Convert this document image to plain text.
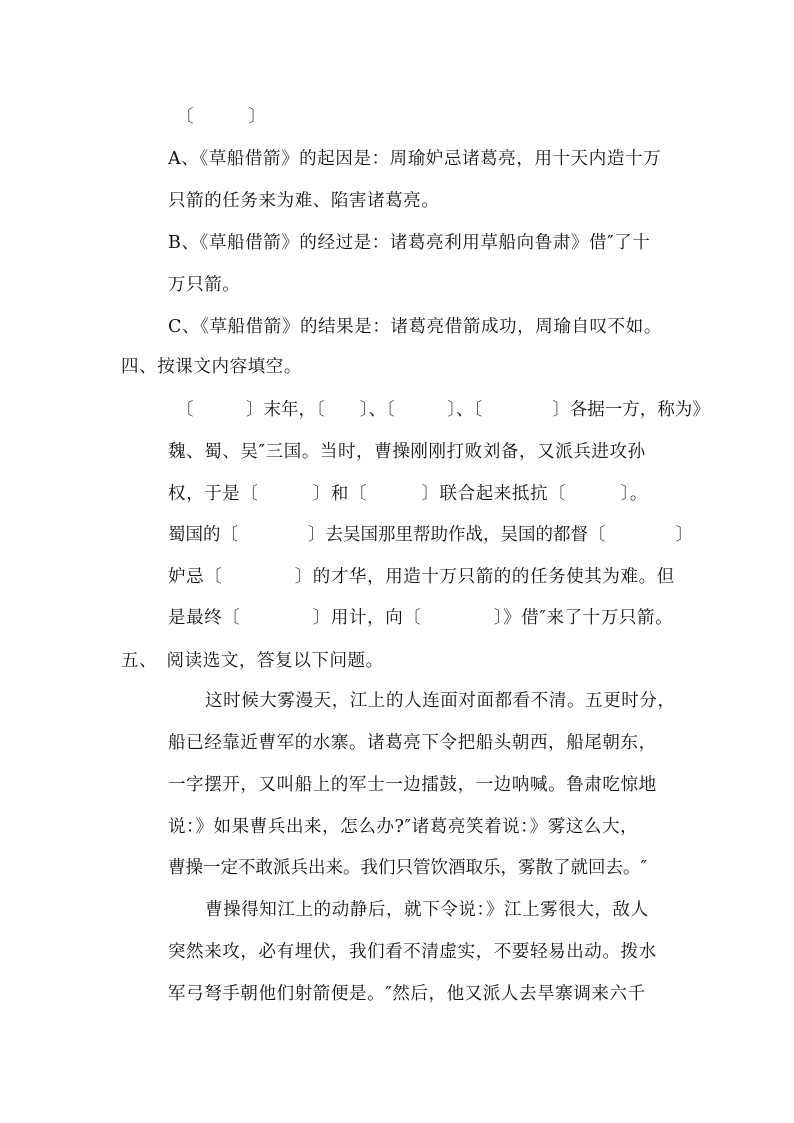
〔　　　〕
A、《草船借箭》的起因是：周瑜妒忌诸葛亮，用十天内造十万
只箭的任务来为难、陷害诸葛亮。
B、《草船借箭》的经过是：诸葛亮利用草船向鲁肃》借″了十
万只箭。
C、《草船借箭》的结果是：诸葛亮借箭成功，周瑜自叹不如。
四、按课文内容填空。
〔　　　〕末年，〔　　〕、〔　　　〕、〔　　　　〕各据一方，称为》
魏、蜀、吴″三国。当时，曹操刚刚打败刘备，又派兵进攻孙
权，于是〔　　　〕和〔　　　〕联合起来抵抗〔　　　〕。
蜀国的〔　　　　〕去吴国那里帮助作战，吴国的都督〔　　　　〕
妒忌〔　　　　〕的才华，用造十万只箭的的任务使其为难。但
是最终〔　　　　〕用计，向〔　　　　〕》借″来了十万只箭。
五、　阅读选文，答复以下问题。
这时候大雾漫天，江上的人连面对面都看不清。五更时分，
船已经靠近曹军的水寨。诸葛亮下令把船头朝西，船尾朝东，
一字摆开，又叫船上的军士一边擂鼓，一边呐喊。鲁肃吃惊地
说：》如果曹兵出来，怎么办?″诸葛亮笑着说：》雾这么大，
曹操一定不敢派兵出来。我们只管饮酒取乐，雾散了就回去。″
曹操得知江上的动静后，就下令说：》江上雾很大，敌人
突然来攻，必有埋伏，我们看不清虚实，不要轻易出动。拨水
军弓弩手朝他们射箭便是。″然后，他又派人去旱寨调来六千
